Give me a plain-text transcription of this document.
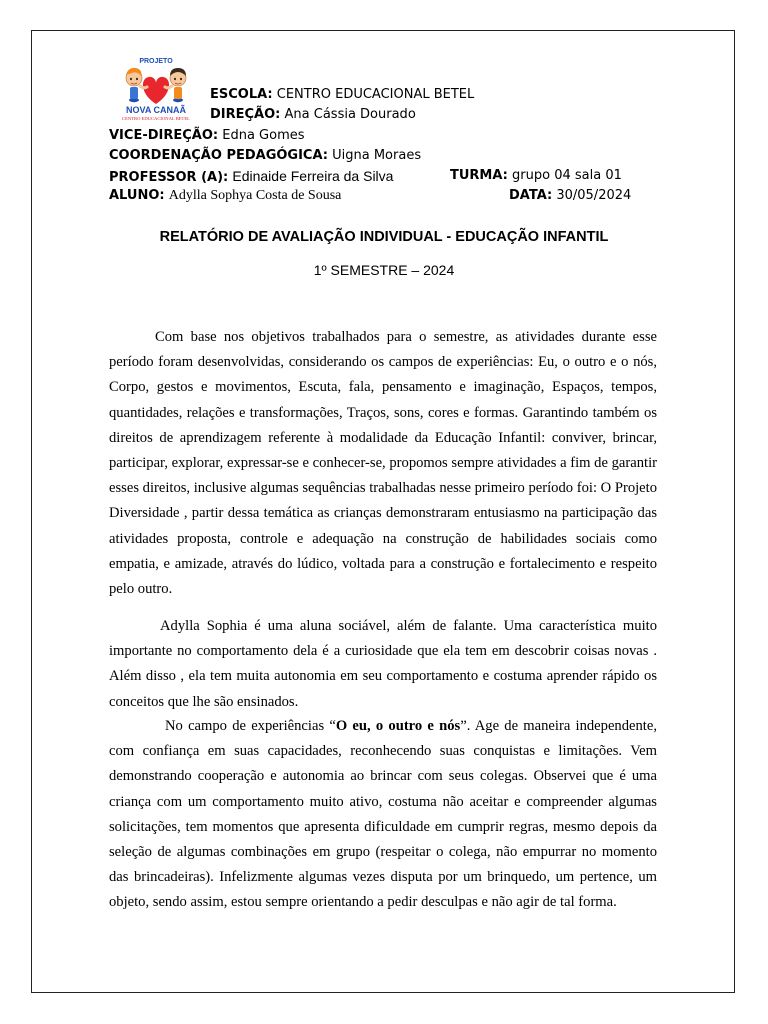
PROJETO
NOVA CANAÃ
CENTRO EDUCACIONAL BETEL
ESCOLA: CENTRO EDUCACIONAL BETEL
DIREÇÃO: Ana Cássia Dourado
VICE-DIREÇÃO: Edna Gomes
COORDENAÇÃO PEDAGÓGICA: Uigna Moraes
PROFESSOR (A): Edinaide Ferreira da Silva	TURMA: grupo 04 sala 01
ALUNO: Adylla Sophya Costa de Sousa	DATA: 30/05/2024
RELATÓRIO DE AVALIAÇÃO INDIVIDUAL - EDUCAÇÃO INFANTIL
1º SEMESTRE – 2024

Com base nos objetivos trabalhados para o semestre, as atividades durante esse período foram desenvolvidas, considerando os campos de experiências: Eu, o outro e o nós, Corpo, gestos e movimentos, Escuta, fala, pensamento e imaginação, Espaços, tempos, quantidades, relações e transformações, Traços, sons, cores e formas. Garantindo também os direitos de aprendizagem referente à modalidade da Educação Infantil: conviver, brincar, participar, explorar, expressar-se e conhecer-se, propomos sempre atividades a fim de garantir esses direitos, inclusive algumas sequências trabalhadas nesse primeiro período foi: O Projeto Diversidade , partir dessa temática as crianças demonstraram entusiasmo na participação das atividades proposta, controle e adequação na construção de habilidades sociais como empatia, e amizade, através do lúdico, voltada para a construção e fortalecimento e respeito pelo outro.

Adylla Sophia é uma aluna sociável, além de falante. Uma característica muito importante no comportamento dela é a curiosidade que ela tem em descobrir coisas novas . Além disso , ela tem muita autonomia em seu comportamento e costuma aprender rápido os conceitos que lhe são ensinados.

No campo de experiências “O eu, o outro e nós”. Age de maneira independente, com confiança em suas capacidades, reconhecendo suas conquistas e limitações. Vem demonstrando cooperação e autonomia ao brincar com seus colegas. Observei que é uma criança com um comportamento muito ativo, costuma não aceitar e compreender algumas solicitações, tem momentos que apresenta dificuldade em cumprir regras, mesmo depois da seleção de algumas combinações em grupo (respeitar o colega, não empurrar no momento das brincadeiras). Infelizmente algumas vezes disputa por um brinquedo, um pertence, um objeto, sendo assim, estou sempre orientando a pedir desculpas e não agir de tal forma.
